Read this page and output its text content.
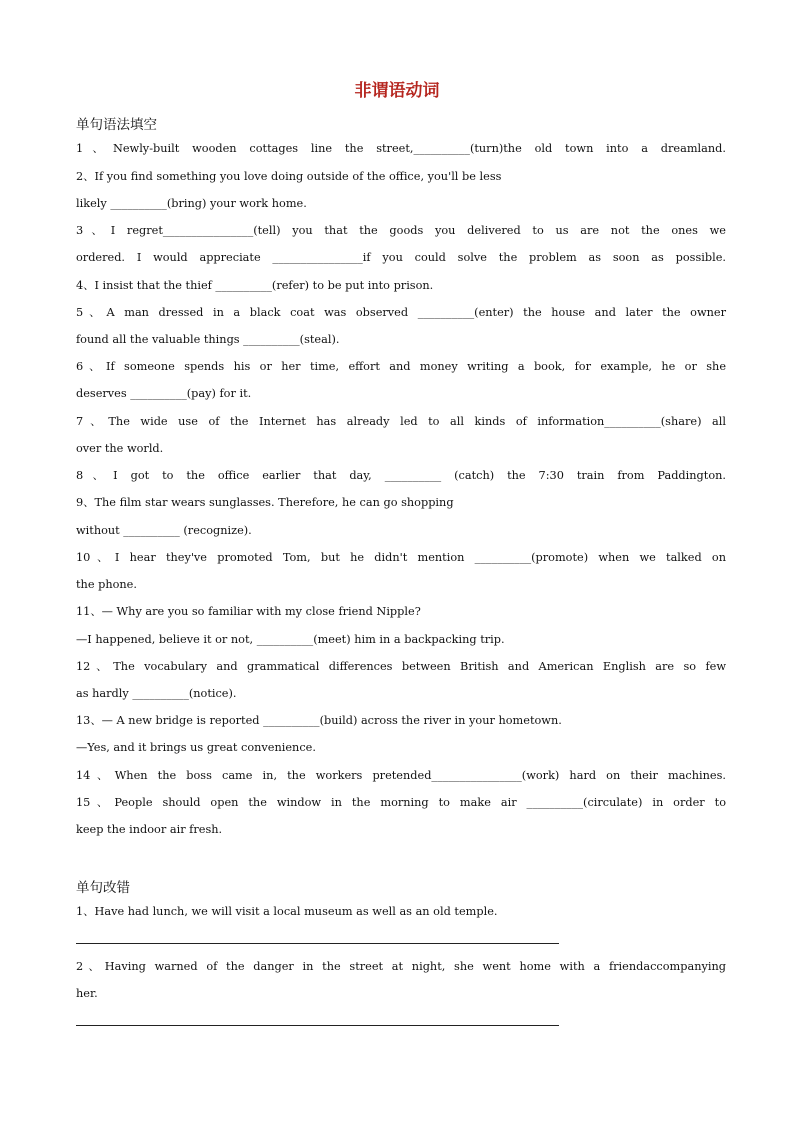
非谓语动词
单句语法填空
1、Newly-built wooden cottages line the street,__________(turn)the old town into a dreamland.
2、If you find something you love doing outside of the office, you'll be less
likely __________(bring) your work home.
3、I regret________________(tell) you that the goods you delivered to us are not the ones we
ordered. I would appreciate ________________if you could solve the problem as soon as possible.
4、I insist that the thief __________(refer) to be put into prison.
5、A man dressed in a black coat was observed __________(enter) the house and later the owner
found all the valuable things __________(steal).
6、If someone spends his or her time, effort and money writing a book, for example, he or she
deserves __________(pay) for it.
7、The wide use of the Internet has already led to all kinds of information__________(share) all
over the world.
8、I got to the office earlier that day, __________ (catch) the 7:30 train from Paddington.
9、The film star wears sunglasses. Therefore, he can go shopping
without __________ (recognize).
10、I hear they've promoted Tom, but he didn't mention __________(promote) when we talked on
the phone.
11、— Why are you so familiar with my close friend Nipple?
—I happened, believe it or not, __________(meet) him in a backpacking trip.
12、The vocabulary and grammatical differences between British and American English are so few
as hardly __________(notice).
13、— A new bridge is reported __________(build) across the river in your hometown.
—Yes, and it brings us great convenience.
14、When the boss came in, the workers pretended________________(work) hard on their machines.
15、People should open the window in the morning to make air __________(circulate) in order to
keep the indoor air fresh.
单句改错
1、Have had lunch, we will visit a local museum as well as an old temple.
2、Having warned of the danger in the street at night, she went home with a friendaccompanying
her.
